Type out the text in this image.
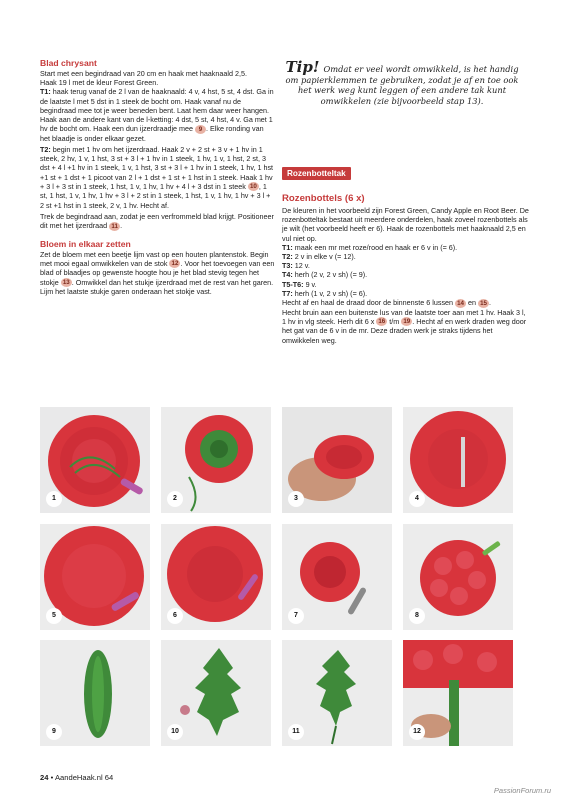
Blad chrysant

Start met een begindraad van 20 cm en haak met haaknaald 2,5.

Haak 19 l met de kleur Forest Green.

T1: haak terug vanaf de 2 l van de haaknaald: 4 v, 4 hst, 5 st, 4 dst. Ga in de laatste l met 5 dst in 1 steek de bocht om. Haak vanaf nu de begindraad mee tot je weer beneden bent. Laat hem daar weer hangen. Haak aan de andere kant van de l-ketting: 4 dst, 5 st, 4 hst, 4 v. Ga met 1 hv de bocht om. Haak een dun ijzerdraadje mee 9 . Elke ronding van het blaadje is onder elkaar gezet.

T2: begin met 1 hv om het ijzerdraad. Haak 2 v + 2 st + 3 v + 1 hv in 1 steek, 2 hv, 1 v, 1 hst, 3 st + 3 l + 1 hv in 1 steek, 1 hv, 1 v, 1 hst, 2 st, 3 dst + 4 l +1 hv in 1 steek, 1 v, 1 hst, 3 st + 3 l + 1 hv in 1 steek, 1 hv, 1 hst +1 st + 1 dst + 1 picoot van 2 l + 1 dst + 1 st + 1 hst in 1 steek. Haak 1 hv + 3 l + 3 st in 1 steek, 1 hst, 1 v, 1 hv, 1 hv + 4 l + 3 dst in 1 steek 10 , 1 st, 1 hst, 1 v, 1 hv, 1 hv + 3 l + 2 st in 1 steek, 1 hst, 1 v, 1 hv, 1 hv + 3 l + 2 st +1 hst in 1 steek, 2 v, 1 hv. Hecht af.

Trek de begindraad aan, zodat je een verfrommeld blad krijgt. Positioneer dit met het ijzerdraad 11 .

Bloem in elkaar zetten

Zet de bloem met een beetje lijm vast op een houten plantenstok. Begin met mooi egaal omwikkelen van de stok 12 . Voor het toevoegen van een blad of blaadjes op gewenste hoogte hou je het blad stevig tegen het stokje 13 . Omwikkel dan het stukje ijzerdraad met de rest van het garen. Lijm het laatste stukje garen onderaan het stokje vast.

Tip! Omdat er veel wordt omwikkeld, is het handig om papierklemmen te gebruiken, zodat je af en toe ook het werk weg kunt leggen of een andere tak kunt omwikkelen (zie bijvoorbeeld stap 13).
Rozenbotteltak
Rozenbottels (6 x)

De kleuren in het voorbeeld zijn Forest Green, Candy Apple en Root Beer. De rozenbotteltak bestaat uit meerdere onderdelen, haak zoveel rozenbottels als je wilt (het voorbeeld heeft er 6). Haak de rozenbottels met haaknaald 2,5 en vul niet op.

T1: maak een mr met roze/rood en haak er 6 v in (= 6).

T2: 2 v in elke v (= 12).

T3: 12 v.

T4: herh (2 v, 2 v sh) (= 9).

T5-T6: 9 v.

T7: herh (1 v, 2 v sh) (= 6).

Hecht af en haal de draad door de binnenste 6 lussen 14 en 15 .

Hecht bruin aan een buitenste lus van de laatste toer aan met 1 hv. Haak 3 l, 1 hv in vlg steek. Herh dit 6 x 16 t/m 19 . Hecht af en werk draden weg door het gat van de 6 v in de mr. Deze draden werk je straks tijdens het omwikkelen weg.

1	2	3	4
5	6	7	8
9	10	11	12
24 • AandeHaak.nl 64
PassionForum.ru
